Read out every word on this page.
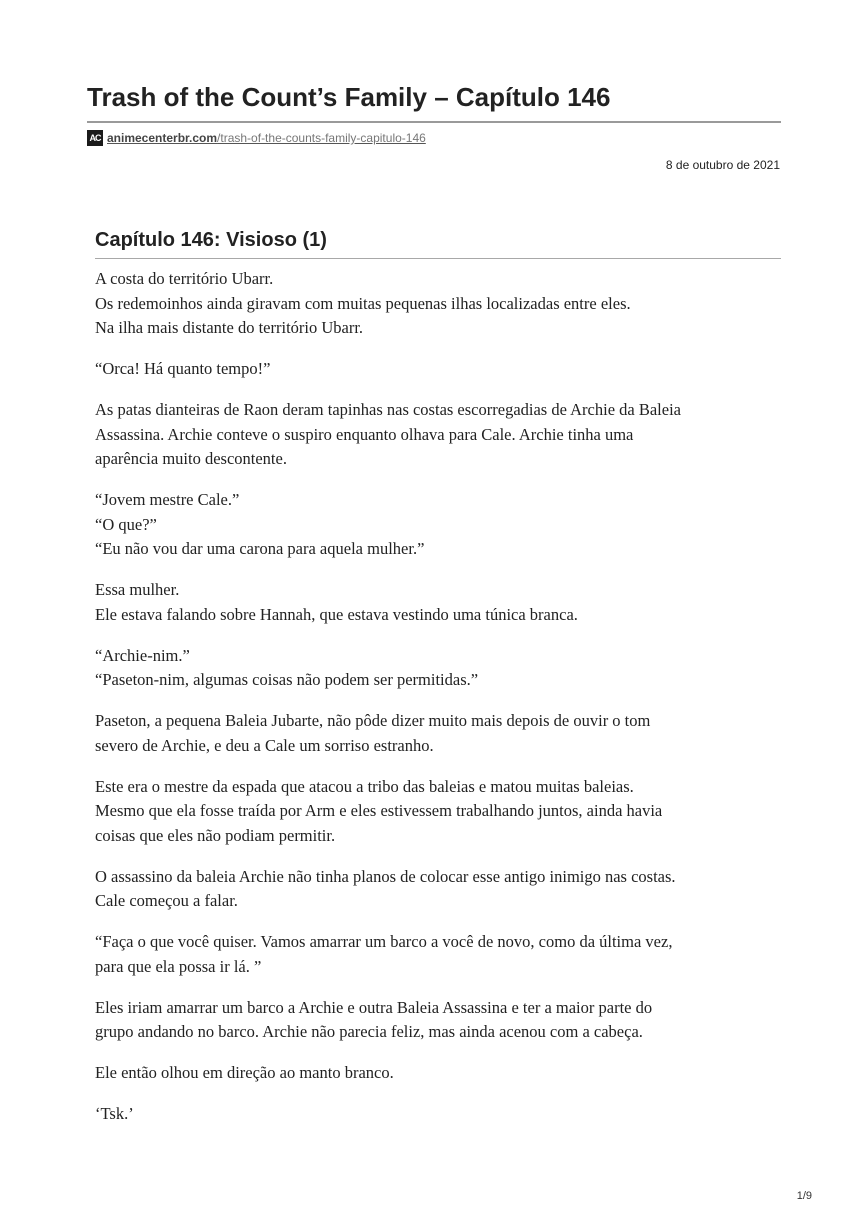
Trash of the Count’s Family – Capítulo 146
AC animecenterbr.com/trash-of-the-counts-family-capitulo-146
8 de outubro de 2021
Capítulo 146: Visioso (1)

A costa do território Ubarr.
Os redemoinhos ainda giravam com muitas pequenas ilhas localizadas entre eles.
Na ilha mais distante do território Ubarr.

“Orca! Há quanto tempo!”

As patas dianteiras de Raon deram tapinhas nas costas escorregadias de Archie da Baleia
Assassina. Archie conteve o suspiro enquanto olhava para Cale. Archie tinha uma
aparência muito descontente.

“Jovem mestre Cale.”
“O que?”
“Eu não vou dar uma carona para aquela mulher.”

Essa mulher.
Ele estava falando sobre Hannah, que estava vestindo uma túnica branca.

“Archie-nim.”
“Paseton-nim, algumas coisas não podem ser permitidas.”

Paseton, a pequena Baleia Jubarte, não pôde dizer muito mais depois de ouvir o tom
severo de Archie, e deu a Cale um sorriso estranho.

Este era o mestre da espada que atacou a tribo das baleias e matou muitas baleias.
Mesmo que ela fosse traída por Arm e eles estivessem trabalhando juntos, ainda havia
coisas que eles não podiam permitir.

O assassino da baleia Archie não tinha planos de colocar esse antigo inimigo nas costas.
Cale começou a falar.

“Faça o que você quiser. Vamos amarrar um barco a você de novo, como da última vez,
para que ela possa ir lá. ”

Eles iriam amarrar um barco a Archie e outra Baleia Assassina e ter a maior parte do
grupo andando no barco. Archie não parecia feliz, mas ainda acenou com a cabeça.

Ele então olhou em direção ao manto branco.

‘Tsk.’

1/9
